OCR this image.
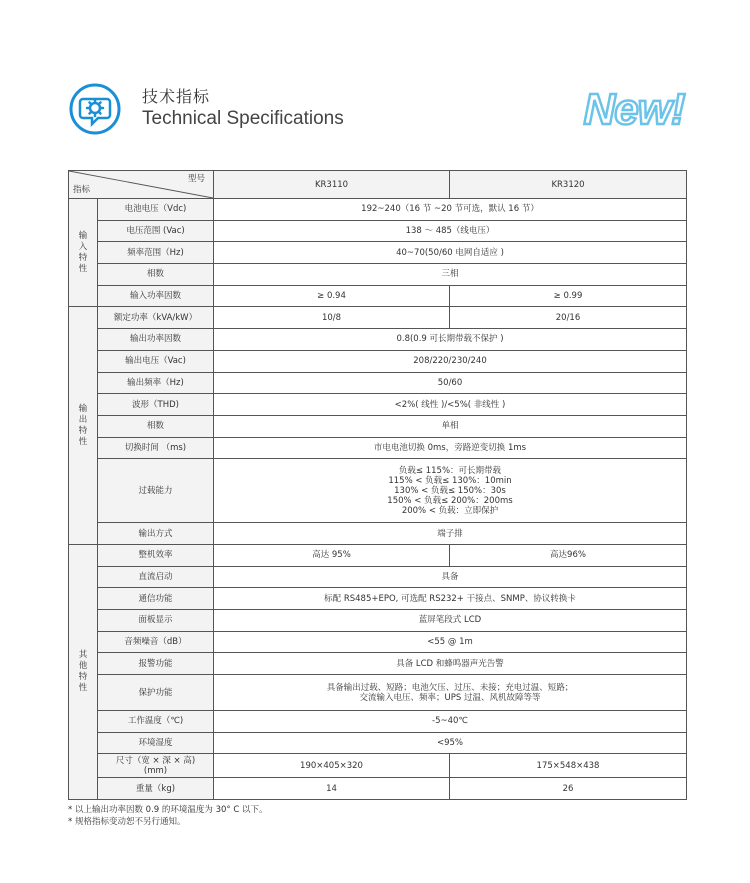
技术指标
Technical Specifications	New!
型号
指标		KR3110	KR3120
输入特性	电池电压（Vdc)	192~240（16 节 ~20 节可选，默认 16 节）	
	电压范围 (Vac)	138 ～ 485（线电压）	
	频率范围（Hz)	40~70(50/60 电网自适应 )	
	相数	三相	
	输入功率因数	≥ 0.94	≥ 0.99
输出特性	额定功率（kVA/kW）	10/8	20/16
	输出功率因数	0.8(0.9 可长期带载不保护 )	
	输出电压（Vac)	208/220/230/240	
	输出频率（Hz)	50/60	
	波形（THD)	<2%( 线性 )/<5%( 非线性 )	
	相数	单相	
	切换时间 （ms)	市电电池切换 0ms，旁路逆变切换 1ms	
	过载能力	负载≤ 115%：可长期带载
115% < 负载≤ 130%：10min
130% < 负载≤ 150%：30s
150% < 负载≤ 200%：200ms
200% < 负载：立即保护	

	输出方式	端子排	
其他特性	整机效率	高达 95%	高达96%
	直流启动	具备	
	通信功能	标配 RS485+EPO, 可选配 RS232+ 干接点、SNMP、协议转换卡	
	面板显示	蓝屏笔段式 LCD	
	音频噪音（dB）	<55 @ 1m	
	报警功能	具备 LCD 和蜂鸣器声光告警	
	保护功能	具备输出过载、短路；电池欠压、过压、未接；充电过温、短路；
交流输入电压、频率；UPS 过温、风机故障等等	

	工作温度（℃)	-5~40℃	
	环境湿度	<95%	

	尺寸（宽 × 深 × 高)
(mm)	190×405×320	175×548×438
	重量（kg)	14	26
* 以上输出功率因数 0.9 的环境温度为 30° C 以下。
* 规格指标变动恕不另行通知。
